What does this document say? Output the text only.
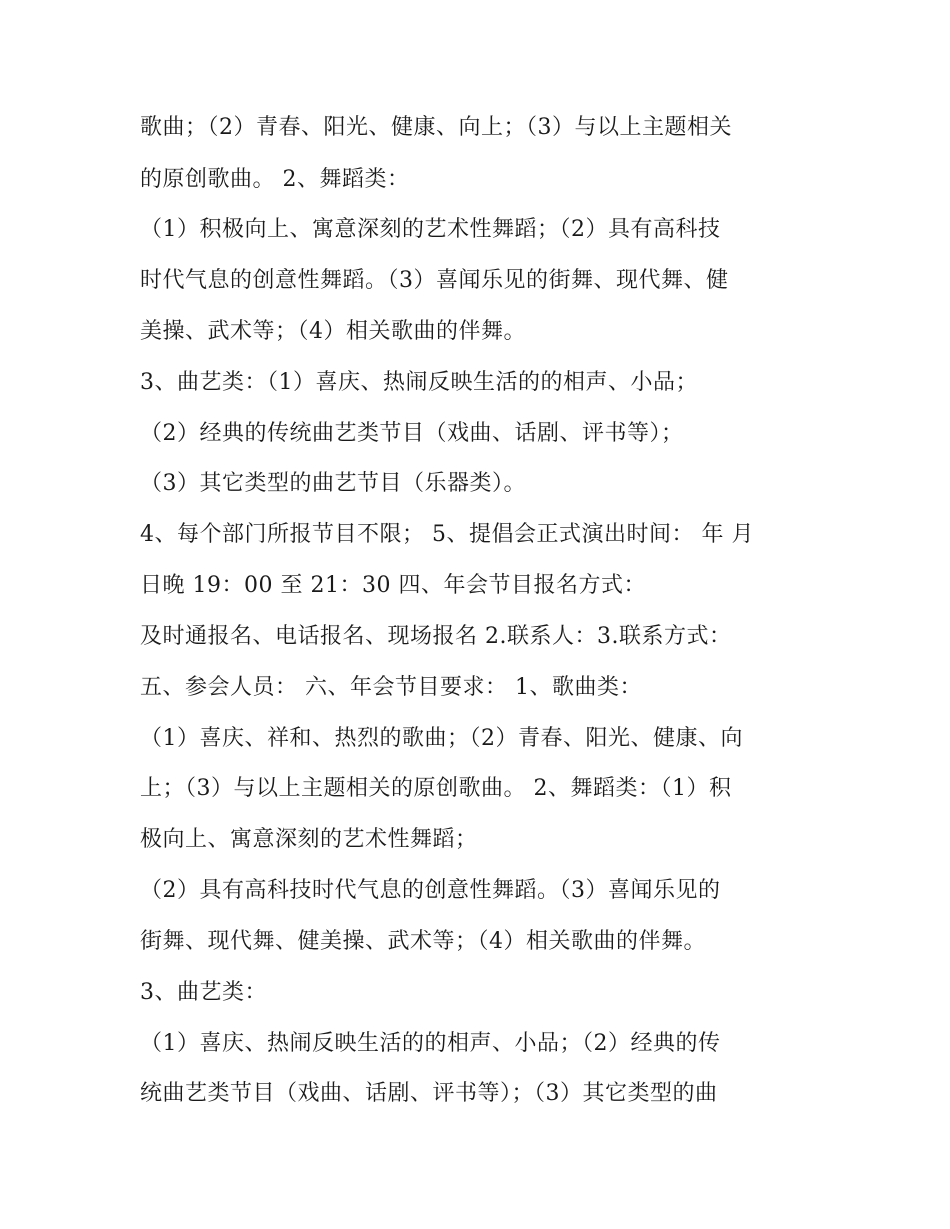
歌曲；（2）青春、阳光、健康、向上；（3）与以上主题相关
的原创歌曲。 2、舞蹈类：
（1）积极向上、寓意深刻的艺术性舞蹈；（2）具有高科技
时代气息的创意性舞蹈。（3）喜闻乐见的街舞、现代舞、健
美操、武术等；（4）相关歌曲的伴舞。
3、曲艺类：（1）喜庆、热闹反映生活的的相声、小品；
（2）经典的传统曲艺类节目（戏曲、话剧、评书等）；
（3）其它类型的曲艺节目（乐器类）。
4、每个部门所报节目不限； 5、提倡会正式演出时间： 年 月
日晚 19：00 至 21：30 四、年会节目报名方式：
及时通报名、电话报名、现场报名 2.联系人：3.联系方式：
五、参会人员： 六、年会节目要求： 1、歌曲类：
（1）喜庆、祥和、热烈的歌曲；（2）青春、阳光、健康、向
上；（3）与以上主题相关的原创歌曲。 2、舞蹈类：（1）积
极向上、寓意深刻的艺术性舞蹈；
（2）具有高科技时代气息的创意性舞蹈。（3）喜闻乐见的
街舞、现代舞、健美操、武术等；（4）相关歌曲的伴舞。
3、曲艺类：
（1）喜庆、热闹反映生活的的相声、小品；（2）经典的传
统曲艺类节目（戏曲、话剧、评书等）；（3）其它类型的曲
